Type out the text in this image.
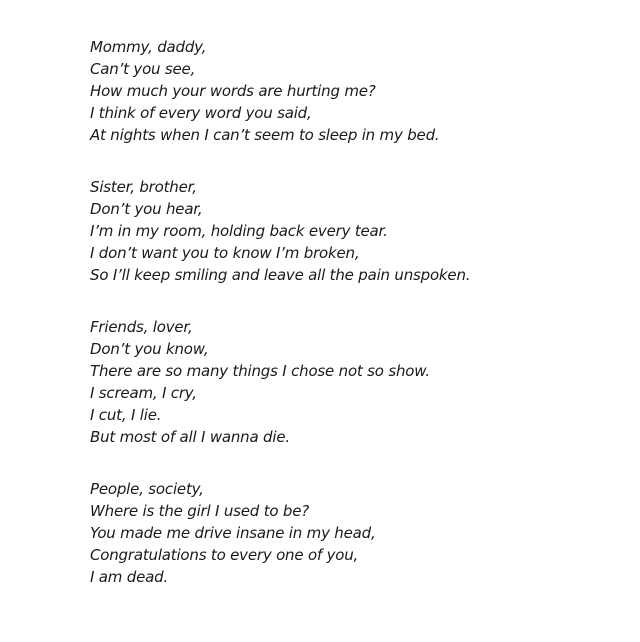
Mommy, daddy,
Can’t you see,
How much your words are hurting me?
I think of every word you said,
At nights when I can’t seem to sleep in my bed.
Sister, brother,
Don’t you hear,
I’m in my room, holding back every tear.
I don’t want you to know I’m broken,
So I’ll keep smiling and leave all the pain unspoken.
Friends, lover,
Don’t you know,
There are so many things I chose not so show.
I scream, I cry,
I cut, I lie.
But most of all I wanna die.
People, society,
Where is the girl I used to be?
You made me drive insane in my head,
Congratulations to every one of you,
I am dead.
